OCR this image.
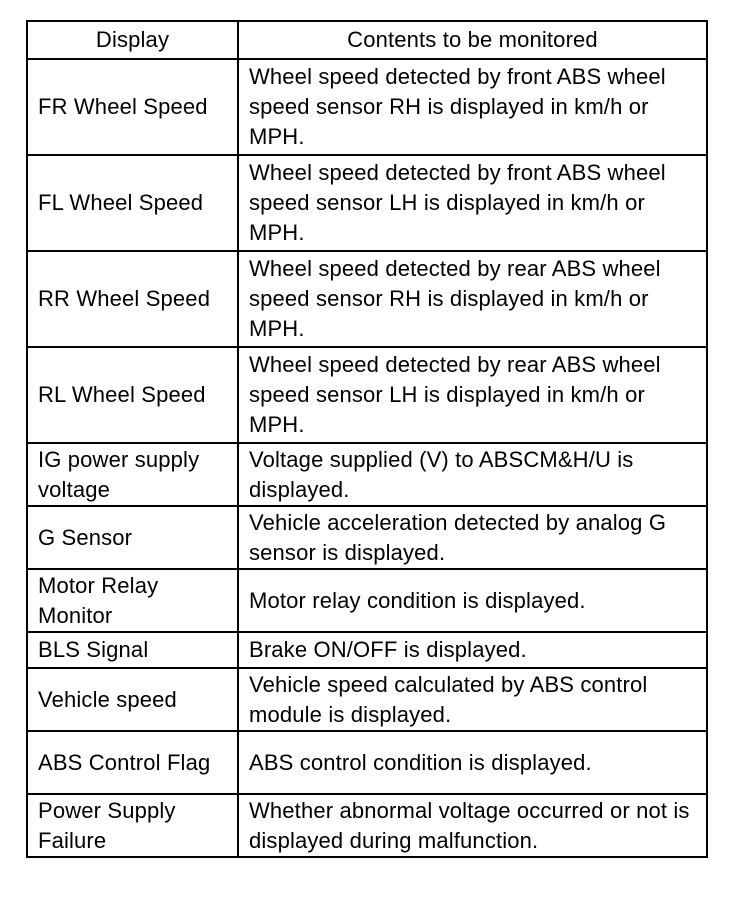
Display	Contents to be monitored
FR Wheel Speed	Wheel speed detected by front ABS wheel speed sensor RH is displayed in km/h or MPH.
FL Wheel Speed	Wheel speed detected by front ABS wheel speed sensor LH is displayed in km/h or MPH.
RR Wheel Speed	Wheel speed detected by rear ABS wheel speed sensor RH is displayed in km/h or MPH.
RL Wheel Speed	Wheel speed detected by rear ABS wheel speed sensor LH is displayed in km/h or MPH.
IG power supply voltage	Voltage supplied (V) to ABSCM&H/U is displayed.
G Sensor	Vehicle acceleration detected by analog G sensor is displayed.
Motor Relay Monitor	Motor relay condition is displayed.
BLS Signal	Brake ON/OFF is displayed.
Vehicle speed	Vehicle speed calculated by ABS control module is displayed.
ABS Control Flag	ABS control condition is displayed.
Power Supply Failure	Whether abnormal voltage occurred or not is displayed during malfunction.
